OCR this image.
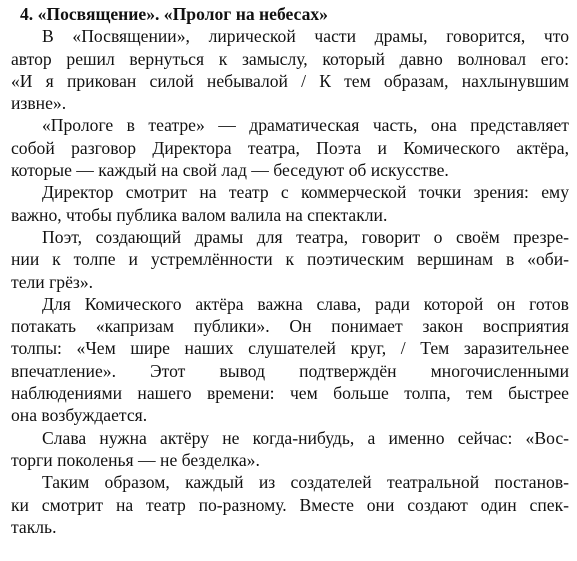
4. «Посвящение». «Пролог на небесах»

В «Посвящении», лирической части драмы, говорится, что
автор решил вернуться к замыслу, который давно волновал его:
«И я прикован силой небывалой / К тем образам, нахлынувшим
извне».

«Прологе в театре» — драматическая часть, она представляет
собой разговор Директора театра, Поэта и Комического актёра,
которые — каждый на свой лад — беседуют об искусстве.

Директор смотрит на театр с коммерческой точки зрения: ему
важно, чтобы публика валом валила на спектакли.

Поэт, создающий драмы для театра, говорит о своём презре-
нии к толпе и устремлённости к поэтическим вершинам в «оби-
тели грёз».

Для Комического актёра важна слава, ради которой он готов
потакать «капризам публики». Он понимает закон восприятия
толпы: «Чем шире наших слушателей круг, / Тем заразительнее
впечатление». Этот вывод подтверждён многочисленными
наблюдениями нашего времени: чем больше толпа, тем быстрее
она возбуждается.

Слава нужна актёру не когда-нибудь, а именно сейчас: «Вос-
торги поколенья — не безделка».

Таким образом, каждый из создателей театральной постанов-
ки смотрит на театр по-разному. Вместе они создают один спек-
такль.
